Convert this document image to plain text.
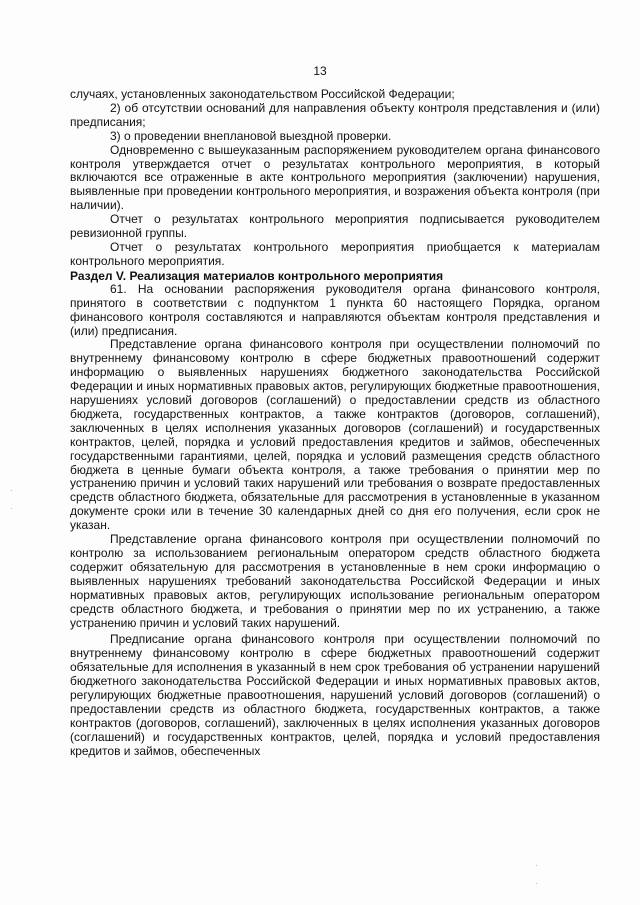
13

случаях, установленных законодательством Российской Федерации;

2) об отсутствии оснований для направления объекту контроля представления и (или) предписания;

3) о проведении внеплановой выездной проверки.

Одновременно с вышеуказанным распоряжением руководителем органа финансового контроля утверждается отчет о результатах контрольного мероприятия, в который включаются все отраженные в акте контрольного мероприятия (заключении) нарушения, выявленные при проведении контрольного мероприятия, и возражения объекта контроля (при наличии).

Отчет о результатах контрольного мероприятия подписывается руководителем ревизионной группы.

Отчет о результатах контрольного мероприятия приобщается к материалам контрольного мероприятия.

Раздел V. Реализация материалов контрольного мероприятия

61. На основании распоряжения руководителя органа финансового контроля, принятого в соответствии с подпунктом 1 пункта 60 настоящего Порядка, органом финансового контроля составляются и направляются объектам контроля представления и (или) предписания.

Представление органа финансового контроля при осуществлении полномочий по внутреннему финансовому контролю в сфере бюджетных правоотношений содержит информацию о выявленных нарушениях бюджетного законодательства Российской Федерации и иных нормативных правовых актов, регулирующих бюджетные правоотношения, нарушениях условий договоров (соглашений) о предоставлении средств из областного бюджета, государственных контрактов, а также контрактов (договоров, соглашений), заключенных в целях исполнения указанных договоров (соглашений) и государственных контрактов, целей, порядка и условий предоставления кредитов и займов, обеспеченных государственными гарантиями, целей, порядка и условий размещения средств областного бюджета в ценные бумаги объекта контроля, а также требования о принятии мер по устранению причин и условий таких нарушений или требования о возврате предоставленных средств областного бюджета, обязательные для рассмотрения в установленные в указанном документе сроки или в течение 30 календарных дней со дня его получения, если срок не указан.

Представление органа финансового контроля при осуществлении полномочий по контролю за использованием региональным оператором средств областного бюджета содержит обязательную для рассмотрения в установленные в нем сроки информацию о выявленных нарушениях требований законодательства Российской Федерации и иных нормативных правовых актов, регулирующих использование региональным оператором средств областного бюджета, и требования о принятии мер по их устранению, а также устранению причин и условий таких нарушений.

Предписание органа финансового контроля при осуществлении полномочий по внутреннему финансовому контролю в сфере бюджетных правоотношений содержит обязательные для исполнения в указанный в нем срок требования об устранении нарушений бюджетного законодательства Российской Федерации и иных нормативных правовых актов, регулирующих бюджетные правоотношения, нарушений условий договоров (соглашений) о предоставлении средств из областного бюджета, государственных контрактов, а также контрактов (договоров, соглашений), заключенных в целях исполнения указанных договоров (соглашений) и государственных контрактов, целей, порядка и условий предоставления кредитов и займов, обеспеченных

·
·
·
·
